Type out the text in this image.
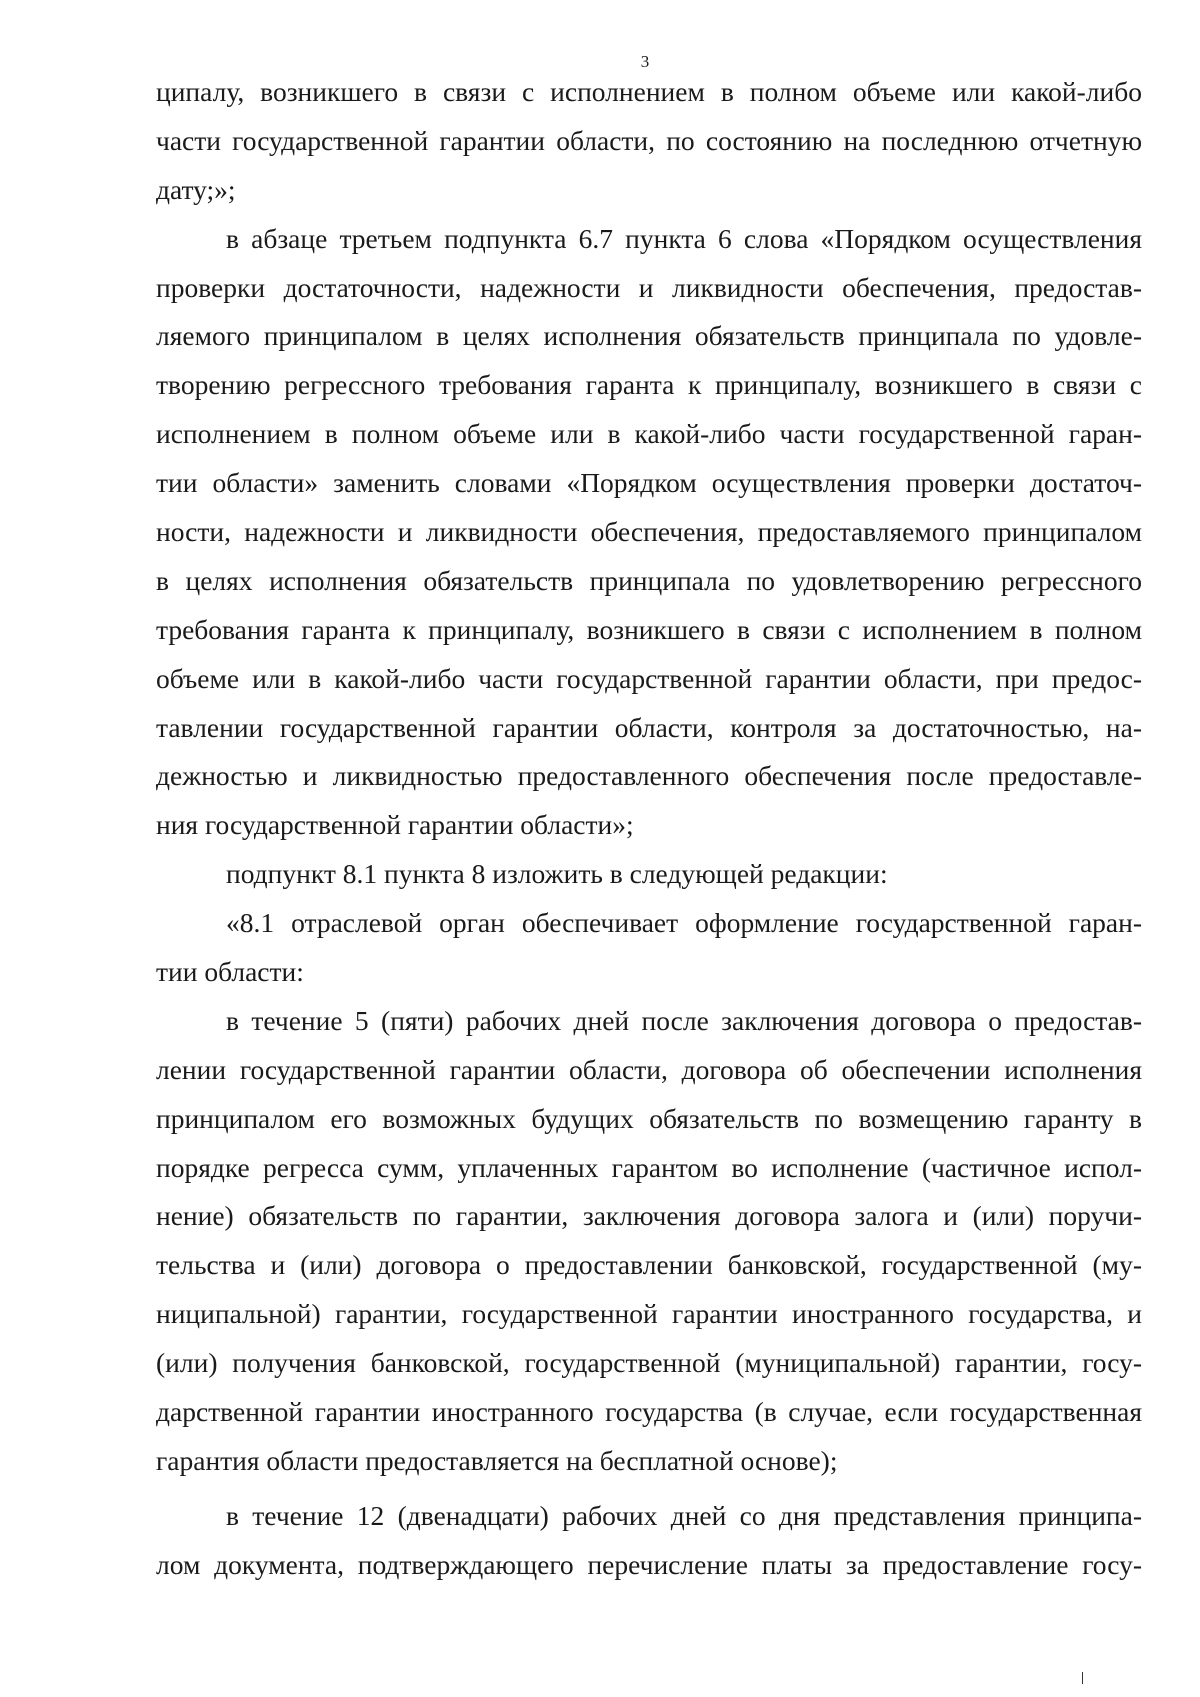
3

ципалу, возникшего в связи с исполнением в полном объеме или какой-либо
части государственной гарантии области, по состоянию на последнюю отчетную
дату;»;
в абзаце третьем подпункта 6.7 пункта 6 слова «Порядком осуществления
проверки достаточности, надежности и ликвидности обеспечения, предостав-
ляемого принципалом в целях исполнения обязательств принципала по удовле-
творению регрессного требования гаранта к принципалу, возникшего в связи с
исполнением в полном объеме или в какой-либо части государственной гаран-
тии области» заменить словами «Порядком осуществления проверки достаточ-
ности, надежности и ликвидности обеспечения, предоставляемого принципалом
в целях исполнения обязательств принципала по удовлетворению регрессного
требования гаранта к принципалу, возникшего в связи с исполнением в полном
объеме или в какой-либо части государственной гарантии области, при предос-
тавлении государственной гарантии области, контроля за достаточностью, на-
дежностью и ликвидностью предоставленного обеспечения после предоставле-
ния государственной гарантии области»;
подпункт 8.1 пункта 8 изложить в следующей редакции:
«8.1 отраслевой орган обеспечивает оформление государственной гаран-
тии области:
в течение 5 (пяти) рабочих дней после заключения договора о предостав-
лении государственной гарантии области, договора об обеспечении исполнения
принципалом его возможных будущих обязательств по возмещению гаранту в
порядке регресса сумм, уплаченных гарантом во исполнение (частичное испол-
нение) обязательств по гарантии, заключения договора залога и (или) поручи-
тельства и (или) договора о предоставлении банковской, государственной (му-
ниципальной) гарантии, государственной гарантии иностранного государства, и
(или) получения банковской, государственной (муниципальной) гарантии, госу-
дарственной гарантии иностранного государства (в случае, если государственная
гарантия области предоставляется на бесплатной основе);
в течение 12 (двенадцати) рабочих дней со дня представления принципа-
лом документа, подтверждающего перечисление платы за предоставление госу-
